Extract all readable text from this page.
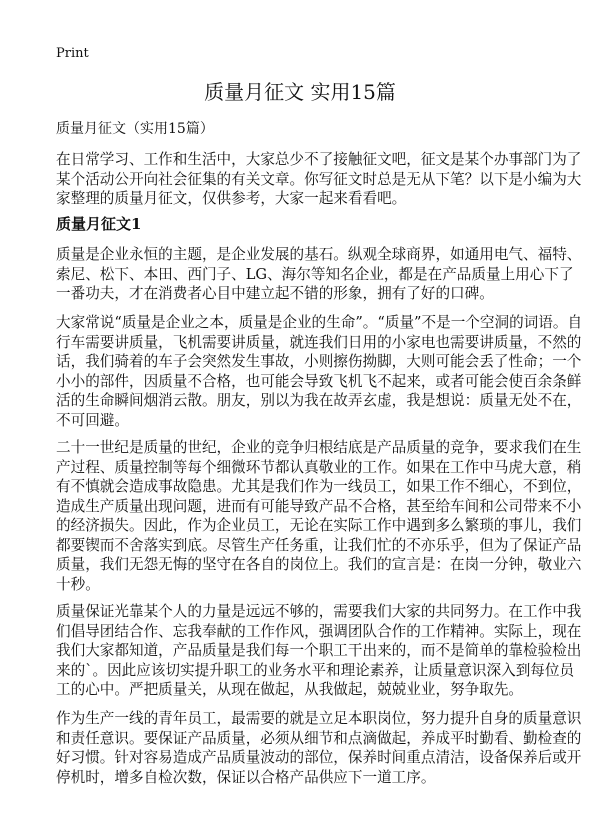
Print
质量月征文 实用15篇
质量月征文（实用15篇）
在日常学习、工作和生活中，大家总少不了接触征文吧，征文是某个办事部门为了
某个活动公开向社会征集的有关文章。你写征文时总是无从下笔？以下是小编为大
家整理的质量月征文，仅供参考，大家一起来看看吧。
质量月征文1
质量是企业永恒的主题，是企业发展的基石。纵观全球商界，如通用电气、福特、
索尼、松下、本田、西门子、LG、海尔等知名企业，都是在产品质量上用心下了
一番功夫，才在消费者心目中建立起不错的形象，拥有了好的口碑。
大家常说“质量是企业之本，质量是企业的生命”。“质量”不是一个空洞的词语。自
行车需要讲质量，飞机需要讲质量，就连我们日用的小家电也需要讲质量，不然的
话，我们骑着的车子会突然发生事故，小则擦伤拗脚，大则可能会丢了性命；一个
小小的部件，因质量不合格，也可能会导致飞机飞不起来，或者可能会使百余条鲜
活的生命瞬间烟消云散。朋友，别以为我在故弄玄虚，我是想说：质量无处不在，
不可回避。
二十一世纪是质量的世纪，企业的竞争归根结底是产品质量的竞争，要求我们在生
产过程、质量控制等每个细微环节都认真敬业的工作。如果在工作中马虎大意，稍
有不慎就会造成事故隐患。尤其是我们作为一线员工，如果工作不细心，不到位，
造成生产质量出现问题，进而有可能导致产品不合格，甚至给车间和公司带来不小
的经济损失。因此，作为企业员工，无论在实际工作中遇到多么繁琐的事儿，我们
都要锲而不舍落实到底。尽管生产任务重，让我们忙的不亦乐乎，但为了保证产品
质量，我们无怨无悔的坚守在各自的岗位上。我们的宣言是：在岗一分钟，敬业六
十秒。
质量保证光靠某个人的力量是远远不够的，需要我们大家的共同努力。在工作中我
们倡导团结合作、忘我奉献的工作作风，强调团队合作的工作精神。实际上，现在
我们大家都知道，产品质量是我们每一个职工干出来的，而不是简单的靠检验检出
来的`。因此应该切实提升职工的业务水平和理论素养，让质量意识深入到每位员
工的心中。严把质量关，从现在做起，从我做起，兢兢业业，努争取先。
作为生产一线的青年员工，最需要的就是立足本职岗位，努力提升自身的质量意识
和责任意识。要保证产品质量，必须从细节和点滴做起，养成平时勤看、勤检查的
好习惯。针对容易造成产品质量波动的部位，保养时间重点清洁，设备保养后或开
停机时，增多自检次数，保证以合格产品供应下一道工序。
